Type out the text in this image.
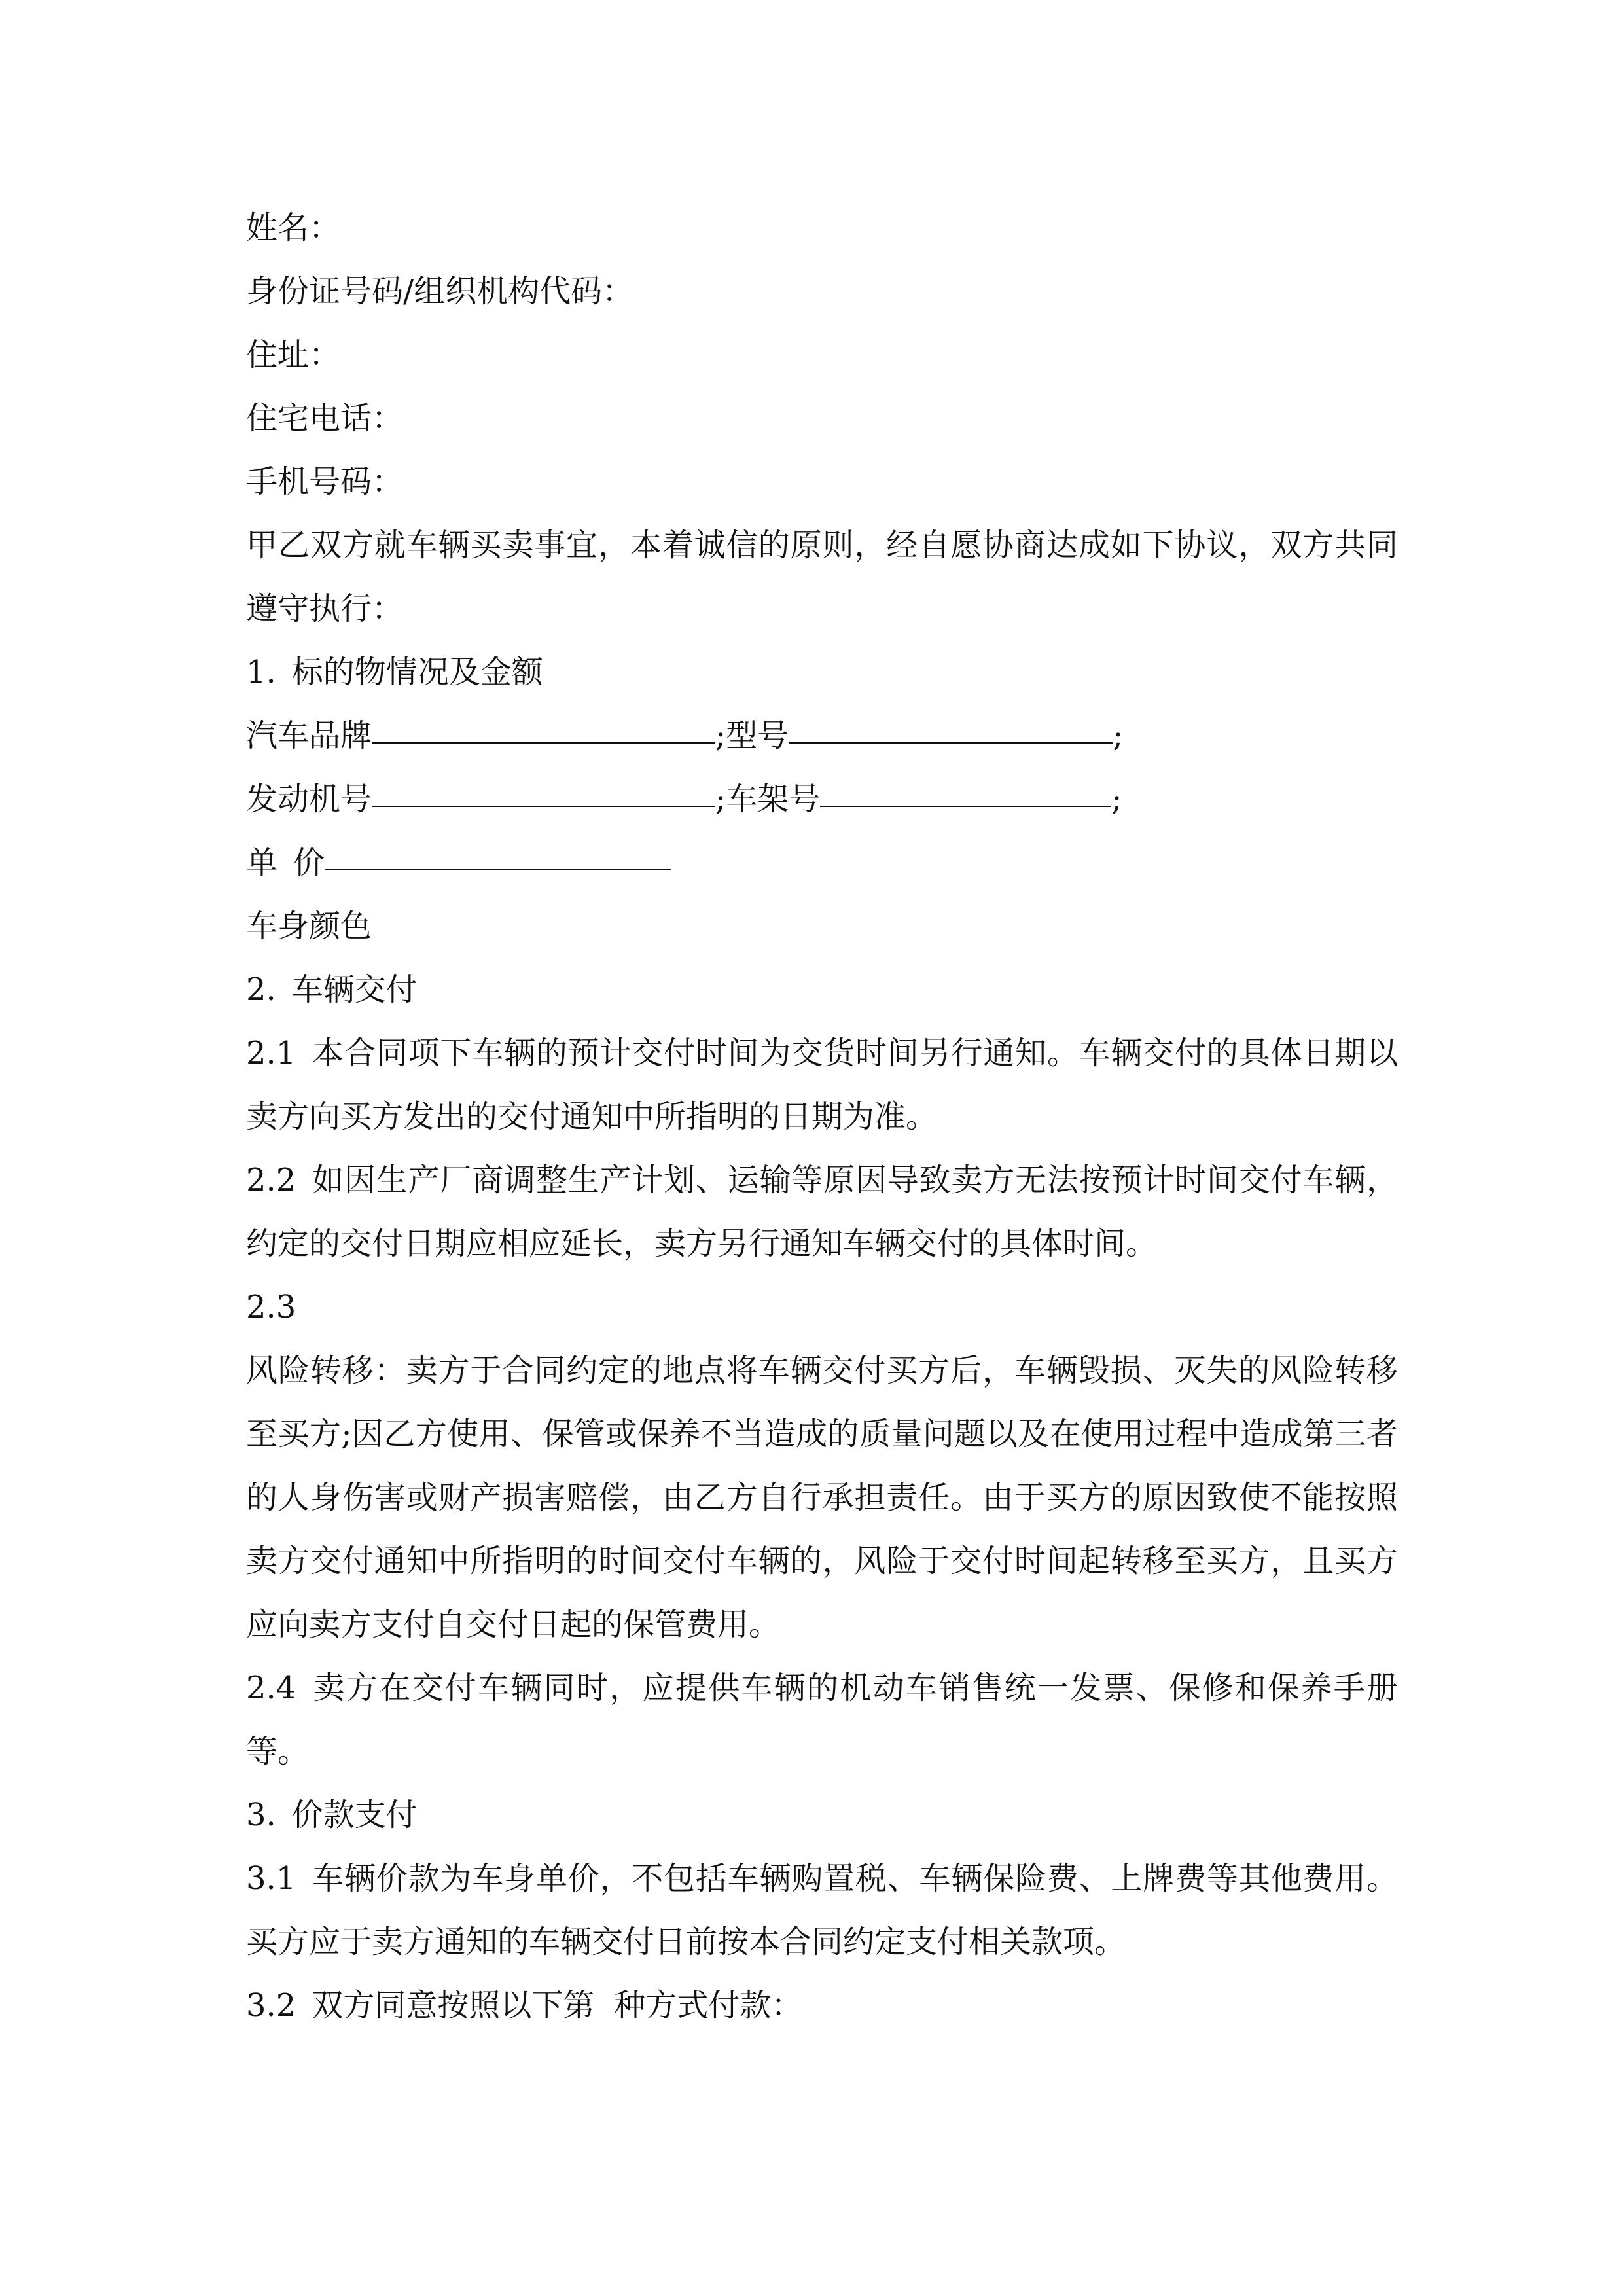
姓名：
身份证号码/组织机构代码：
住址：
住宅电话：
手机号码：
甲乙双方就车辆买卖事宜，本着诚信的原则，经自愿协商达成如下协议，双方共同遵守执行：
1. 标的物情况及金额
汽车品牌	;型号	;
发动机号	;车架号	;
单 价
车身颜色
2. 车辆交付
2.1 本合同项下车辆的预计交付时间为交货时间另行通知。车辆交付的具体日期以卖方向买方发出的交付通知中所指明的日期为准。
2.2 如因生产厂商调整生产计划、运输等原因导致卖方无法按预计时间交付车辆，约定的交付日期应相应延长，卖方另行通知车辆交付的具体时间。
2.3
风险转移：卖方于合同约定的地点将车辆交付买方后，车辆毁损、灭失的风险转移至买方;因乙方使用、保管或保养不当造成的质量问题以及在使用过程中造成第三者的人身伤害或财产损害赔偿，由乙方自行承担责任。由于买方的原因致使不能按照卖方交付通知中所指明的时间交付车辆的，风险于交付时间起转移至买方，且买方应向卖方支付自交付日起的保管费用。
2.4 卖方在交付车辆同时，应提供车辆的机动车销售统一发票、保修和保养手册等。
3. 价款支付
3.1 车辆价款为车身单价，不包括车辆购置税、车辆保险费、上牌费等其他费用。买方应于卖方通知的车辆交付日前按本合同约定支付相关款项。
3.2 双方同意按照以下第 种方式付款：
